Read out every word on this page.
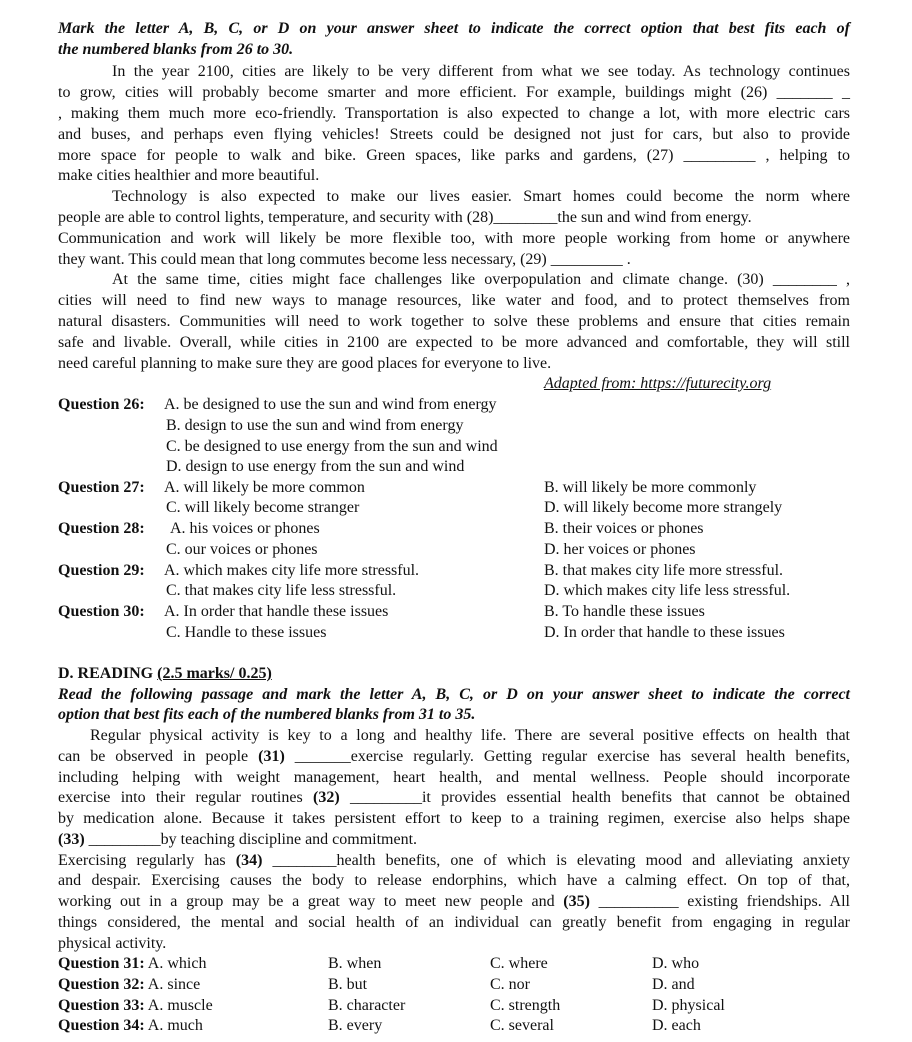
Mark the letter A, B, C, or D on your answer sheet to indicate the correct option that best fits each of
the numbered blanks from 26 to 30.
In the year 2100, cities are likely to be very different from what we see today. As technology continues
to grow, cities will probably become smarter and more efficient. For example, buildings might (26) _______ _
, making them much more eco-friendly. Transportation is also expected to change a lot, with more electric cars
and buses, and perhaps even flying vehicles! Streets could be designed not just for cars, but also to provide
more space for people to walk and bike. Green spaces, like parks and gardens, (27) _________ , helping to
make cities healthier and more beautiful.
Technology is also expected to make our lives easier. Smart homes could become the norm where
people are able to control lights, temperature, and security with (28)________the sun and wind from energy.
Communication and work will likely be more flexible too, with more people working from home or anywhere
they want. This could mean that long commutes become less necessary, (29) _________ .
At the same time, cities might face challenges like overpopulation and climate change. (30) ________ ,
cities will need to find new ways to manage resources, like water and food, and to protect themselves from
natural disasters. Communities will need to work together to solve these problems and ensure that cities remain
safe and livable. Overall, while cities in 2100 are expected to be more advanced and comfortable, they will still
need careful planning to make sure they are good places for everyone to live.
Adapted from: https://futurecity.org
Question 26: A. be designed to use the sun and wind from energy
B. design to use the sun and wind from energy
C. be designed to use energy from the sun and wind
D. design to use energy from the sun and wind
Question 27: A. will likely be more common	B. will likely be more commonly
C. will likely become stranger	D. will likely become more strangely
Question 28: A. his voices or phones	B. their voices or phones
C. our voices or phones	D. her voices or phones
Question 29: A. which makes city life more stressful.	B. that makes city life more stressful.
C. that makes city life less stressful.	D. which makes city life less stressful.
Question 30: A. In order that handle these issues	B. To handle these issues
C. Handle to these issues	D. In order that handle to these issues
D. READING (2.5 marks/ 0.25)
Read the following passage and mark the letter A, B, C, or D on your answer sheet to indicate the correct
option that best fits each of the numbered blanks from 31 to 35.
Regular physical activity is key to a long and healthy life. There are several positive effects on health that
can be observed in people (31) _______exercise regularly. Getting regular exercise has several health benefits,
including helping with weight management, heart health, and mental wellness. People should incorporate
exercise into their regular routines (32) _________it provides essential health benefits that cannot be obtained
by medication alone. Because it takes persistent effort to keep to a training regimen, exercise also helps shape
(33) _________by teaching discipline and commitment.
Exercising regularly has (34) ________health benefits, one of which is elevating mood and alleviating anxiety
and despair. Exercising causes the body to release endorphins, which have a calming effect. On top of that,
working out in a group may be a great way to meet new people and (35) __________ existing friendships. All
things considered, the mental and social health of an individual can greatly benefit from engaging in regular
physical activity.
Question 31: A. which	B. when	C. where	D. who
Question 32: A. since	B. but	C. nor	D. and
Question 33: A. muscle	B. character	C. strength	D. physical
Question 34: A. much	B. every	C. several	D. each
